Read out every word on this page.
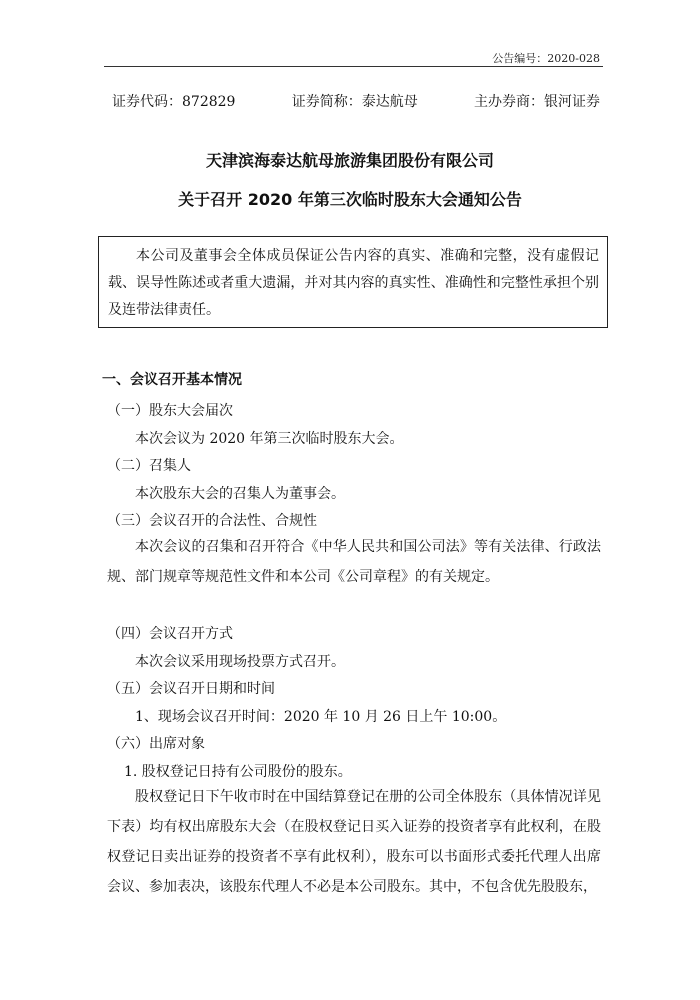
公告编号：2020-028
证券代码：872829	证券简称：泰达航母	主办券商：银河证券
天津滨海泰达航母旅游集团股份有限公司
关于召开 2020 年第三次临时股东大会通知公告
本公司及董事会全体成员保证公告内容的真实、准确和完整，没有虚假记载、误导性陈述或者重大遗漏，并对其内容的真实性、准确性和完整性承担个别及连带法律责任。
一、会议召开基本情况
（一）股东大会届次
本次会议为 2020 年第三次临时股东大会。
（二）召集人
本次股东大会的召集人为董事会。
（三）会议召开的合法性、合规性
本次会议的召集和召开符合《中华人民共和国公司法》等有关法律、行政法规、部门规章等规范性文件和本公司《公司章程》的有关规定。
（四）会议召开方式
本次会议采用现场投票方式召开。
（五）会议召开日期和时间
1、现场会议召开时间：2020 年 10 月 26 日上午 10:00。
（六）出席对象
1. 股权登记日持有公司股份的股东。
股权登记日下午收市时在中国结算登记在册的公司全体股东（具体情况详见下表）均有权出席股东大会（在股权登记日买入证券的投资者享有此权利，在股权登记日卖出证券的投资者不享有此权利），股东可以书面形式委托代理人出席会议、参加表决，该股东代理人不必是本公司股东。其中，不包含优先股股东，
